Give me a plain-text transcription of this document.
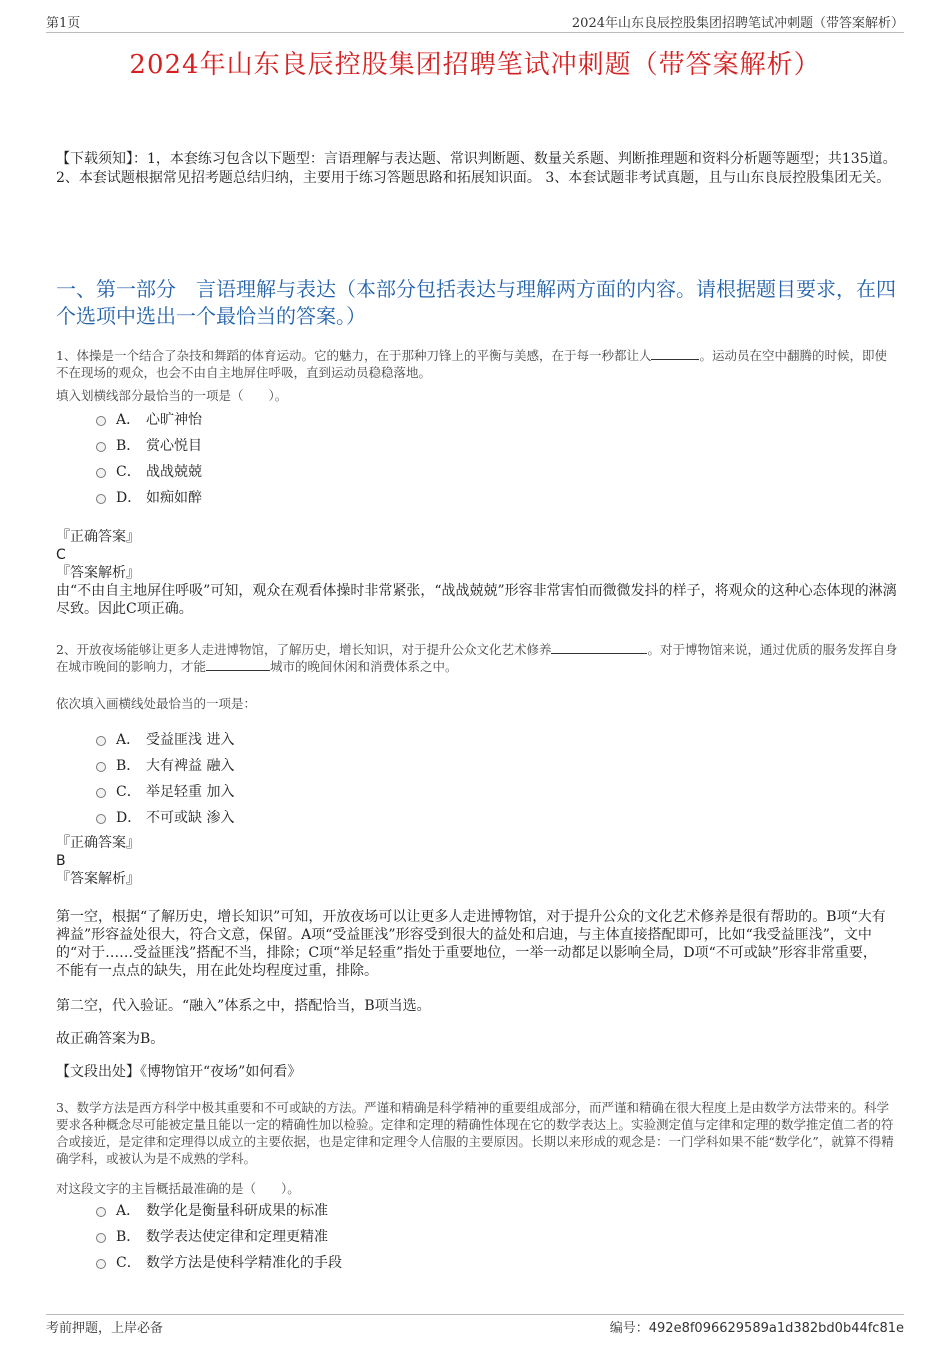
第1页	2024年山东良辰控股集团招聘笔试冲刺题（带答案解析）
2024年山东良辰控股集团招聘笔试冲刺题（带答案解析）
【下载须知】：1，本套练习包含以下题型：言语理解与表达题、常识判断题、数量关系题、判断推理题和资料分析题等题型；共135道。 2、本套试题根据常见招考题总结归纳，主要用于练习答题思路和拓展知识面。 3、本套试题非考试真题，且与山东良辰控股集团无关。
一、第一部分　言语理解与表达（本部分包括表达与理解两方面的内容。请根据题目要求，在四个选项中选出一个最恰当的答案。）
1、体操是一个结合了杂技和舞蹈的体育运动。它的魅力，在于那种刀锋上的平衡与美感，在于每一秒都让人	。运动员在空中翻腾的时候，即使不在现场的观众，也会不由自主地屏住呼吸，直到运动员稳稳落地。
填入划横线部分最恰当的一项是（　　）。
A． 心旷神怡
B． 赏心悦目
C． 战战兢兢
D． 如痴如醉
『正确答案』
C
『答案解析』
由“不由自主地屏住呼吸”可知，观众在观看体操时非常紧张，“战战兢兢”形容非常害怕而微微发抖的样子，将观众的这种心态体现的淋漓尽致。因此C项正确。
2、开放夜场能够让更多人走进博物馆，了解历史，增长知识，对于提升公众文化艺术修养	。对于博物馆来说，通过优质的服务发挥自身在城市晚间的影响力，才能	城市的晚间休闲和消费体系之中。
依次填入画横线处最恰当的一项是：
A． 受益匪浅 进入
B． 大有裨益 融入
C． 举足轻重 加入
D． 不可或缺 渗入
『正确答案』
B
『答案解析』
第一空，根据“了解历史，增长知识”可知，开放夜场可以让更多人走进博物馆，对于提升公众的文化艺术修养是很有帮助的。B项“大有裨益”形容益处很大，符合文意，保留。A项“受益匪浅”形容受到很大的益处和启迪，与主体直接搭配即可，比如“我受益匪浅”，文中的“对于……受益匪浅”搭配不当，排除；C项“举足轻重”指处于重要地位，一举一动都足以影响全局，D项“不可或缺”形容非常重要，不能有一点点的缺失，用在此处均程度过重，排除。
第二空，代入验证。“融入”体系之中，搭配恰当，B项当选。
故正确答案为B。
【文段出处】《博物馆开“夜场”如何看》
3、数学方法是西方科学中极其重要和不可或缺的方法。严谨和精确是科学精神的重要组成部分，而严谨和精确在很大程度上是由数学方法带来的。科学要求各种概念尽可能被定量且能以一定的精确性加以检验。定律和定理的精确性体现在它的数学表达上。实验测定值与定律和定理的数学推定值二者的符合或接近，是定律和定理得以成立的主要依据，也是定律和定理令人信服的主要原因。长期以来形成的观念是：一门学科如果不能“数学化”，就算不得精确学科，或被认为是不成熟的学科。
对这段文字的主旨概括最准确的是（　　）。
A． 数学化是衡量科研成果的标准
B． 数学表达使定律和定理更精准
C． 数学方法是使科学精准化的手段
考前押题，上岸必备	编号：492e8f096629589a1d382bd0b44fc81e
